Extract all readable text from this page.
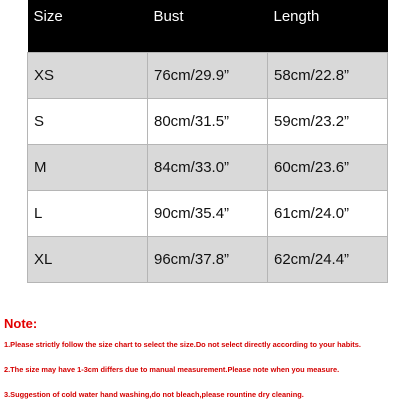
Size	Bust	Length
XS	76cm/29.9”	58cm/22.8”
S	80cm/31.5”	59cm/23.2”
M	84cm/33.0”	60cm/23.6”
L	90cm/35.4”	61cm/24.0”
XL	96cm/37.8”	62cm/24.4”

Note:

1.Please strictly follow the size chart to select the size.Do not select directly according to your habits.

2.The size may have 1-3cm differs due to manual measurement.Please note when you measure.

3.Suggestion of cold water hand washing,do not bleach,please rountine dry cleaning.
